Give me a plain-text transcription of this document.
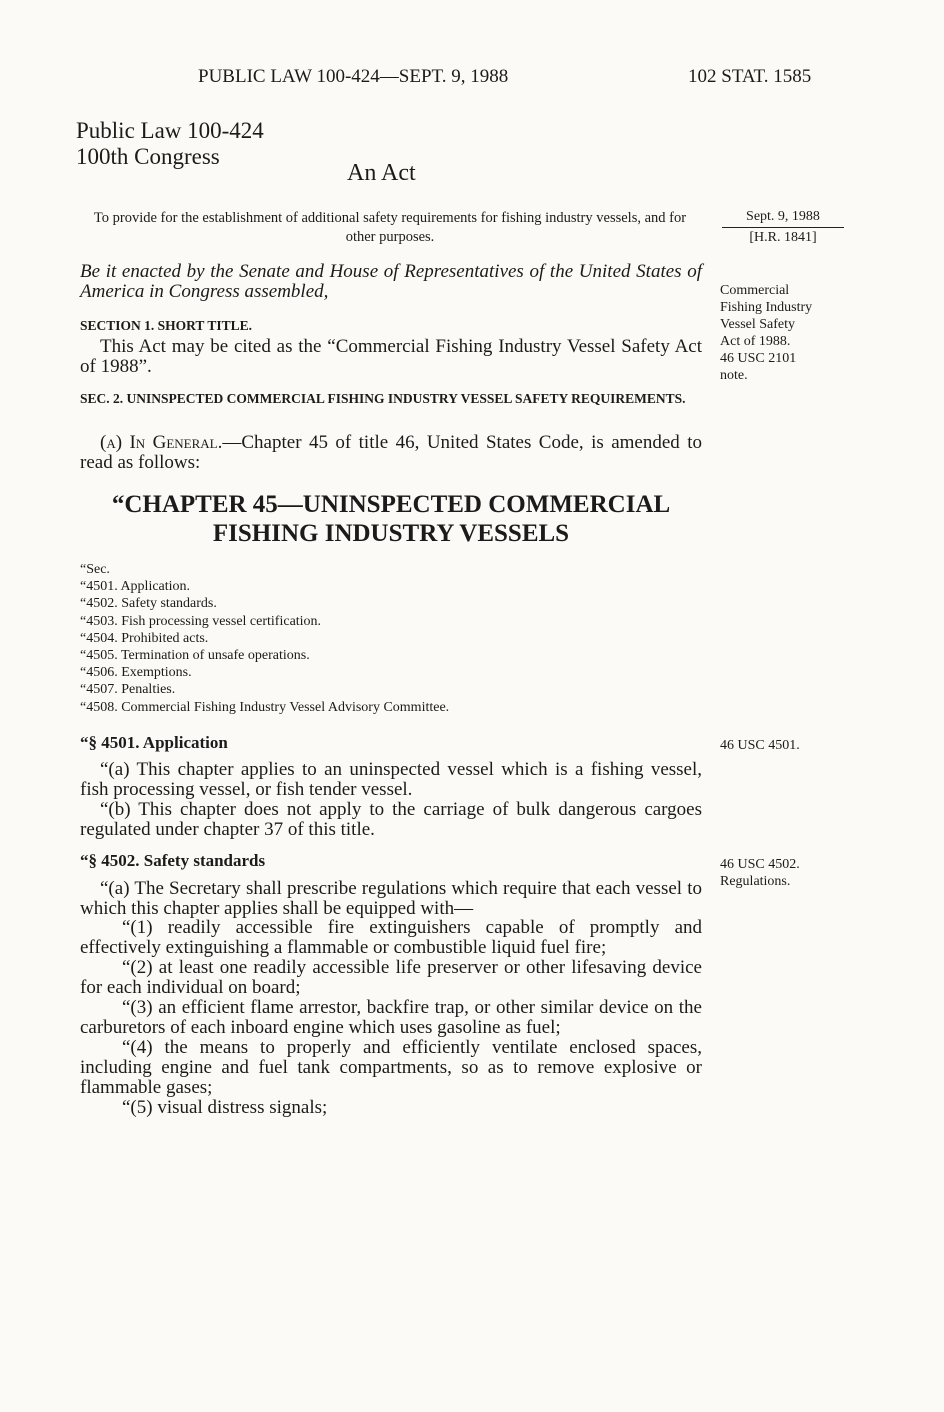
PUBLIC LAW 100-424—SEPT. 9, 1988	102 STAT. 1585
Public Law 100-424
100th Congress
An Act
To provide for the establishment of additional safety requirements for fishing industry vessels, and for other purposes.
Sept. 9, 1988
[H.R. 1841]
Commercial
Fishing Industry
Vessel Safety
Act of 1988.
46 USC 2101
note.
Be it enacted by the Senate and House of Representatives of the United States of America in Congress assembled,
SECTION 1. SHORT TITLE.
This Act may be cited as the “Commercial Fishing Industry Vessel Safety Act of 1988”.
SEC. 2. UNINSPECTED COMMERCIAL FISHING INDUSTRY VESSEL SAFETY REQUIREMENTS.
(a) In General.—Chapter 45 of title 46, United States Code, is amended to read as follows:
“CHAPTER 45—UNINSPECTED COMMERCIAL
FISHING INDUSTRY VESSELS
“Sec.
“4501. Application.
“4502. Safety standards.
“4503. Fish processing vessel certification.
“4504. Prohibited acts.
“4505. Termination of unsafe operations.
“4506. Exemptions.
“4507. Penalties.
“4508. Commercial Fishing Industry Vessel Advisory Committee.
“§ 4501. Application	46 USC 4501.
“(a) This chapter applies to an uninspected vessel which is a fishing vessel, fish processing vessel, or fish tender vessel.
“(b) This chapter does not apply to the carriage of bulk dangerous cargoes regulated under chapter 37 of this title.
“§ 4502. Safety standards	46 USC 4502.
Regulations.
“(a) The Secretary shall prescribe regulations which require that each vessel to which this chapter applies shall be equipped with—
“(1) readily accessible fire extinguishers capable of promptly and effectively extinguishing a flammable or combustible liquid fuel fire;
“(2) at least one readily accessible life preserver or other lifesaving device for each individual on board;
“(3) an efficient flame arrestor, backfire trap, or other similar device on the carburetors of each inboard engine which uses gasoline as fuel;
“(4) the means to properly and efficiently ventilate enclosed spaces, including engine and fuel tank compartments, so as to remove explosive or flammable gases;
“(5) visual distress signals;
